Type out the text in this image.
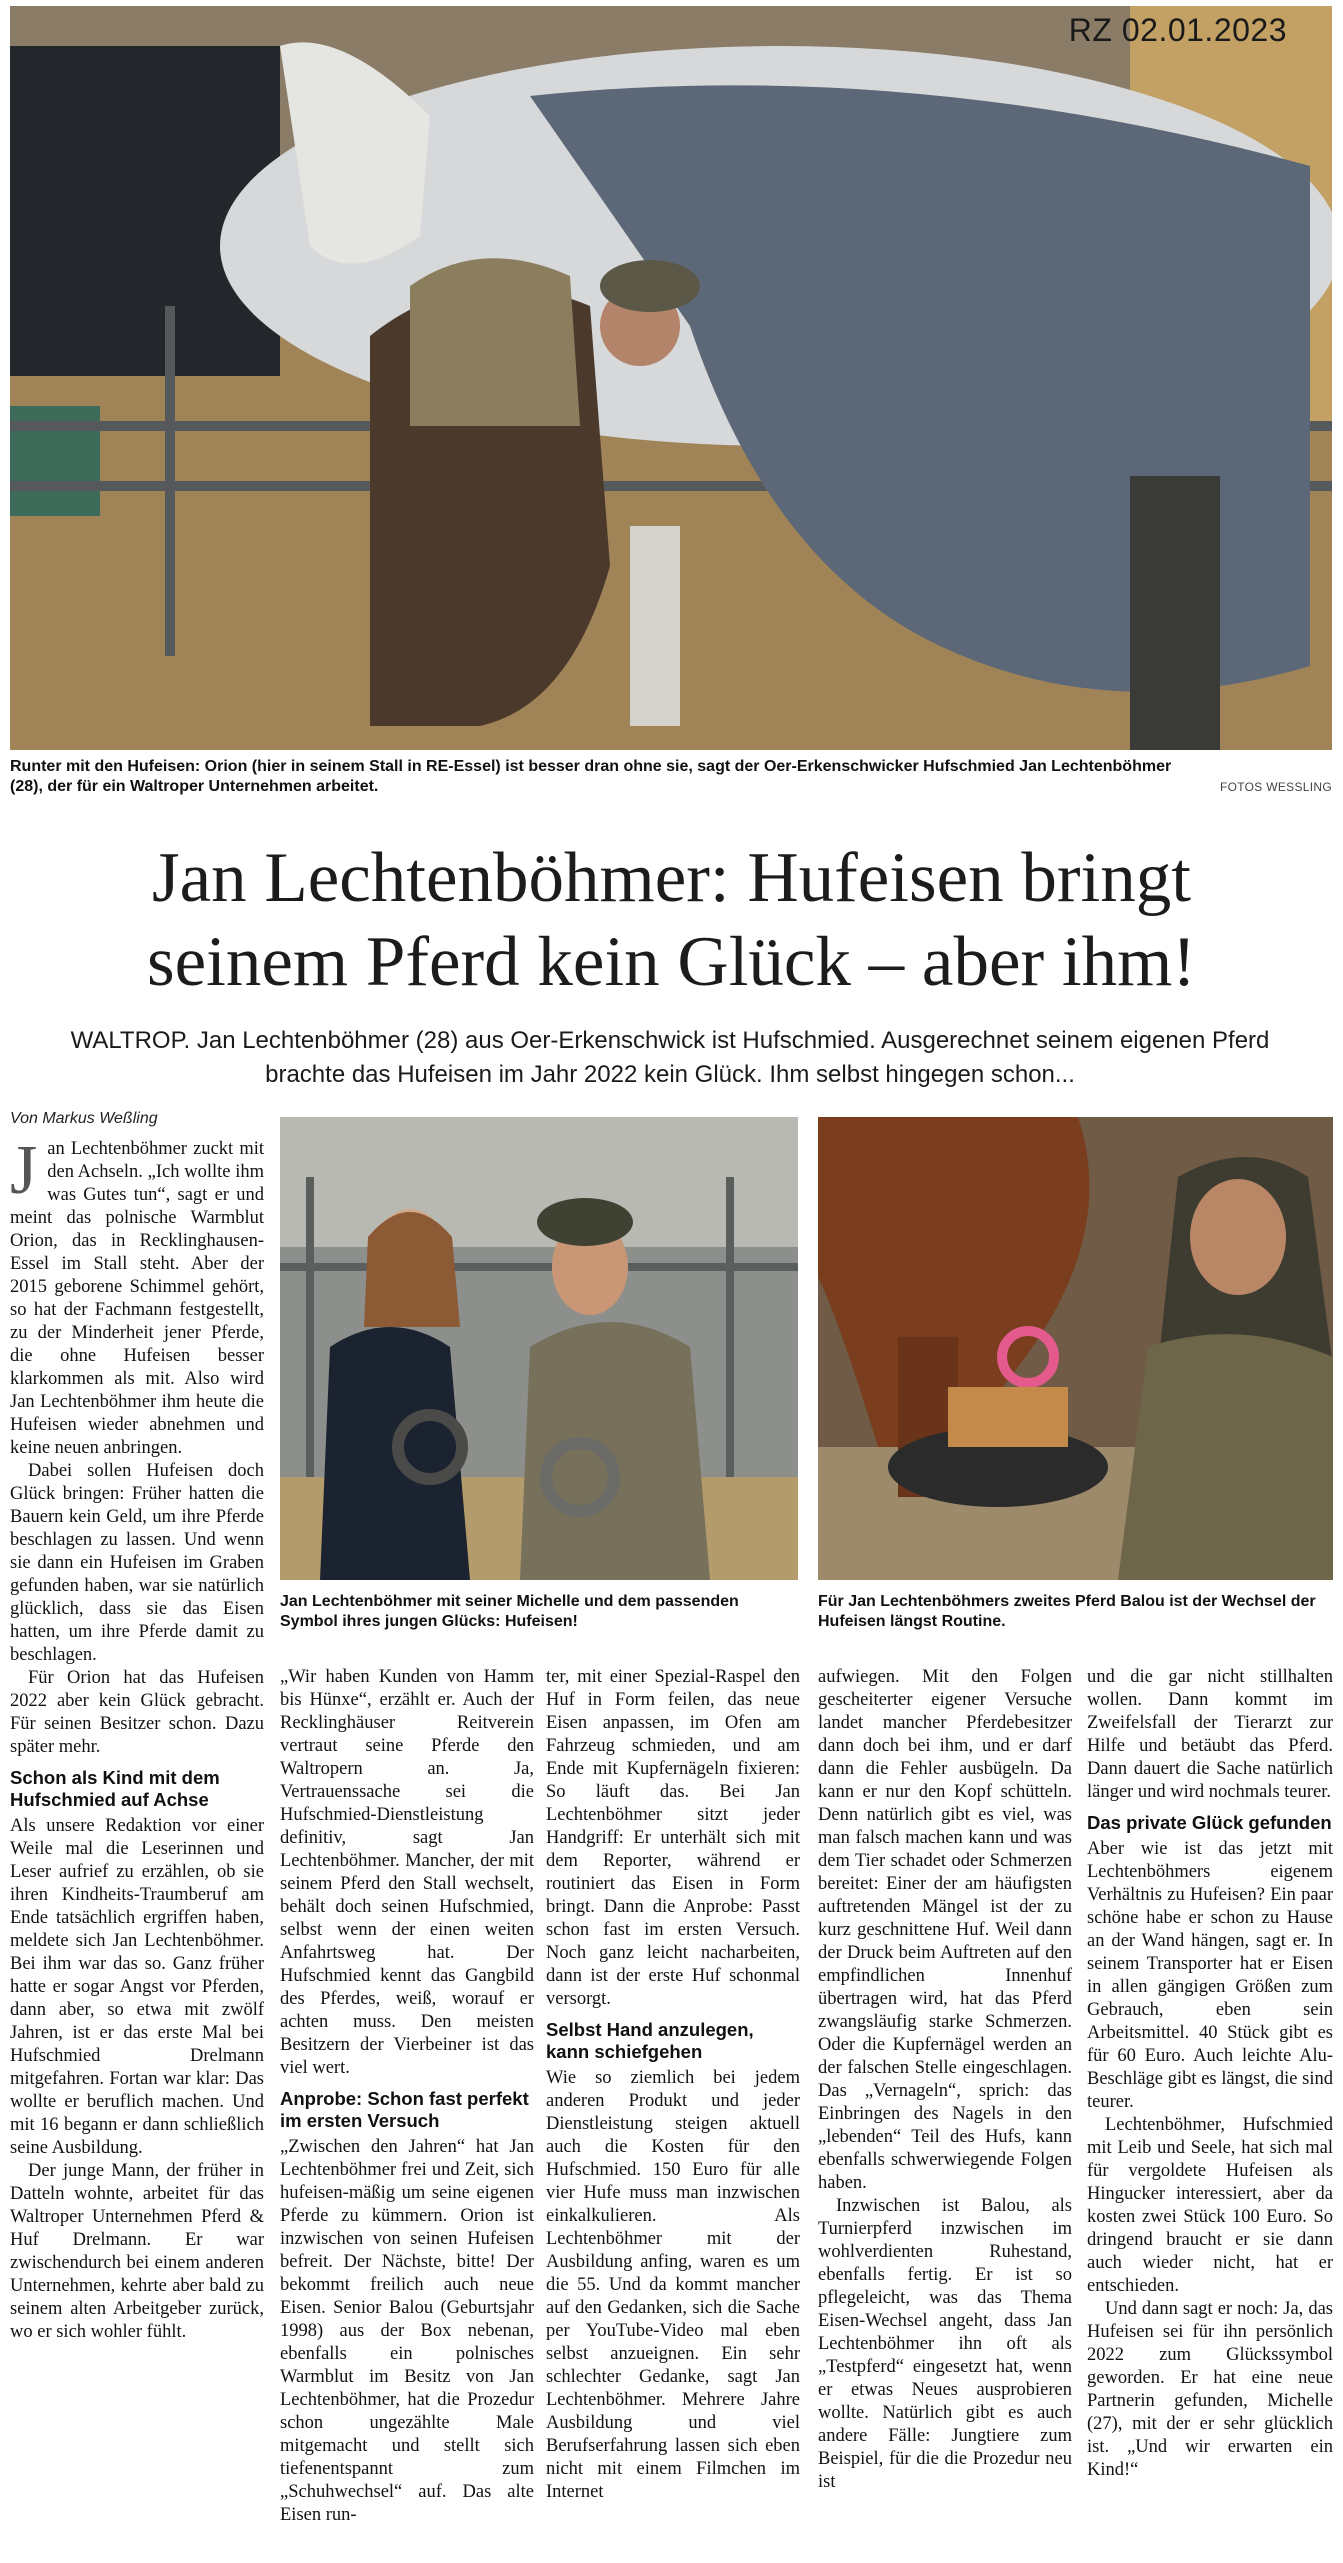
RZ 02.01.2023
Runter mit den Hufeisen: Orion (hier in seinem Stall in RE-Essel) ist besser dran ohne sie, sagt der Oer-Erkenschwicker Hufschmied Jan Lechtenböhmer (28), der für ein Waltroper Unternehmen arbeitet.	FOTOS WESSLING
Jan Lechtenböhmer: Hufeisen bringt
seinem Pferd kein Glück – aber ihm!
WALTROP. Jan Lechtenböhmer (28) aus Oer-Erkenschwick ist Hufschmied. Ausgerechnet seinem eigenen Pferd brachte das Hufeisen im Jahr 2022 kein Glück. Ihm selbst hingegen schon...
Von Markus Weßling
Jan Lechtenböhmer mit seiner Michelle und dem passenden Symbol ihres jungen Glücks: Hufeisen!
Für Jan Lechtenböhmers zweites Pferd Balou ist der Wechsel der Hufeisen längst Routine.
J an Lechtenböhmer zuckt mit den Achseln. „Ich wollte ihm was Gutes tun“, sagt er und meint das polnische Warmblut Orion, das in Recklinghausen-Essel im Stall steht. Aber der 2015 geborene Schimmel gehört, so hat der Fachmann festgestellt, zu der Minderheit jener Pferde, die ohne Hufeisen besser klarkommen als mit. Also wird Jan Lechtenböhmer ihm heute die Hufeisen wieder abnehmen und keine neuen anbringen.

Dabei sollen Hufeisen doch Glück bringen: Früher hatten die Bauern kein Geld, um ihre Pferde beschlagen zu lassen. Und wenn sie dann ein Hufeisen im Graben gefunden haben, war sie natürlich glücklich, dass sie das Eisen hatten, um ihre Pferde damit zu beschlagen.

Für Orion hat das Hufeisen 2022 aber kein Glück gebracht. Für seinen Besitzer schon. Dazu später mehr.

Schon als Kind mit dem Hufschmied auf Achse

Als unsere Redaktion vor einer Weile mal die Leserinnen und Leser aufrief zu erzählen, ob sie ihren Kindheits-Traumberuf am Ende tatsächlich ergriffen haben, meldete sich Jan Lechtenböhmer. Bei ihm war das so. Ganz früher hatte er sogar Angst vor Pferden, dann aber, so etwa mit zwölf Jahren, ist er das erste Mal bei Hufschmied Drelmann mitgefahren. Fortan war klar: Das wollte er beruflich machen. Und mit 16 begann er dann schließlich seine Ausbildung.

Der junge Mann, der früher in Datteln wohnte, arbeitet für das Waltroper Unternehmen Pferd & Huf Drelmann. Er war zwischendurch bei einem anderen Unternehmen, kehrte aber bald zu seinem alten Arbeitgeber zurück, wo er sich wohler fühlt.

„Wir haben Kunden von Hamm bis Hünxe“, erzählt er. Auch der Recklinghäuser Reitverein vertraut seine Pferde den Waltropern an. Ja, Vertrauenssache sei die Hufschmied-Dienstleistung definitiv, sagt Jan Lechtenböhmer. Mancher, der mit seinem Pferd den Stall wechselt, behält doch seinen Hufschmied, selbst wenn der einen weiten Anfahrtsweg hat. Der Hufschmied kennt das Gangbild des Pferdes, weiß, worauf er achten muss. Den meisten Besitzern der Vierbeiner ist das viel wert.

Anprobe: Schon fast perfekt im ersten Versuch

„Zwischen den Jahren“ hat Jan Lechtenböhmer frei und Zeit, sich hufeisen-mäßig um seine eigenen Pferde zu kümmern. Orion ist inzwischen von seinen Hufeisen befreit. Der Nächste, bitte! Der bekommt freilich auch neue Eisen. Senior Balou (Geburtsjahr 1998) aus der Box nebenan, ebenfalls ein polnisches Warmblut im Besitz von Jan Lechtenböhmer, hat die Prozedur schon ungezählte Male mitgemacht und stellt sich tiefenentspannt zum „Schuhwechsel“ auf. Das alte Eisen run-

ter, mit einer Spezial-Raspel den Huf in Form feilen, das neue Eisen anpassen, im Ofen am Fahrzeug schmieden, und am Ende mit Kupfernägeln fixieren: So läuft das. Bei Jan Lechtenböhmer sitzt jeder Handgriff: Er unterhält sich mit dem Reporter, während er routiniert das Eisen in Form bringt. Dann die Anprobe: Passt schon fast im ersten Versuch. Noch ganz leicht nacharbeiten, dann ist der erste Huf schonmal versorgt.

Selbst Hand anzulegen, kann schiefgehen

Wie so ziemlich bei jedem anderen Produkt und jeder Dienstleistung steigen aktuell auch die Kosten für den Hufschmied. 150 Euro für alle vier Hufe muss man inzwischen einkalkulieren. Als Lechtenböhmer mit der Ausbildung anfing, waren es um die 55. Und da kommt mancher auf den Gedanken, sich die Sache per YouTube-Video mal eben selbst anzueignen. Ein sehr schlechter Gedanke, sagt Jan Lechtenböhmer. Mehrere Jahre Ausbildung und viel Berufserfahrung lassen sich eben nicht mit einem Filmchen im Internet

aufwiegen. Mit den Folgen gescheiterter eigener Versuche landet mancher Pferdebesitzer dann doch bei ihm, und er darf dann die Fehler ausbügeln. Da kann er nur den Kopf schütteln. Denn natürlich gibt es viel, was man falsch machen kann und was dem Tier schadet oder Schmerzen bereitet: Einer der am häufigsten auftretenden Mängel ist der zu kurz geschnittene Huf. Weil dann der Druck beim Auftreten auf den empfindlichen Innenhuf übertragen wird, hat das Pferd zwangsläufig starke Schmerzen. Oder die Kupfernägel werden an der falschen Stelle eingeschlagen. Das „Vernageln“, sprich: das Einbringen des Nagels in den „lebenden“ Teil des Hufs, kann ebenfalls schwerwiegende Folgen haben.

Inzwischen ist Balou, als Turnierpferd inzwischen im wohlverdienten Ruhestand, ebenfalls fertig. Er ist so pflegeleicht, was das Thema Eisen-Wechsel angeht, dass Jan Lechtenböhmer ihn oft als „Testpferd“ eingesetzt hat, wenn er etwas Neues ausprobieren wollte. Natürlich gibt es auch andere Fälle: Jungtiere zum Beispiel, für die die Prozedur neu ist

und die gar nicht stillhalten wollen. Dann kommt im Zweifelsfall der Tierarzt zur Hilfe und betäubt das Pferd. Dann dauert die Sache natürlich länger und wird nochmals teurer.

Das private Glück gefunden

Aber wie ist das jetzt mit Lechtenböhmers eigenem Verhältnis zu Hufeisen? Ein paar schöne habe er schon zu Hause an der Wand hängen, sagt er. In seinem Transporter hat er Eisen in allen gängigen Größen zum Gebrauch, eben sein Arbeitsmittel. 40 Stück gibt es für 60 Euro. Auch leichte Alu-Beschläge gibt es längst, die sind teurer.

Lechtenböhmer, Hufschmied mit Leib und Seele, hat sich mal für vergoldete Hufeisen als Hingucker interessiert, aber da kosten zwei Stück 100 Euro. So dringend braucht er sie dann auch wieder nicht, hat er entschieden.

Und dann sagt er noch: Ja, das Hufeisen sei für ihn persönlich 2022 zum Glückssymbol geworden. Er hat eine neue Partnerin gefunden, Michelle (27), mit der er sehr glücklich ist. „Und wir erwarten ein Kind!“
